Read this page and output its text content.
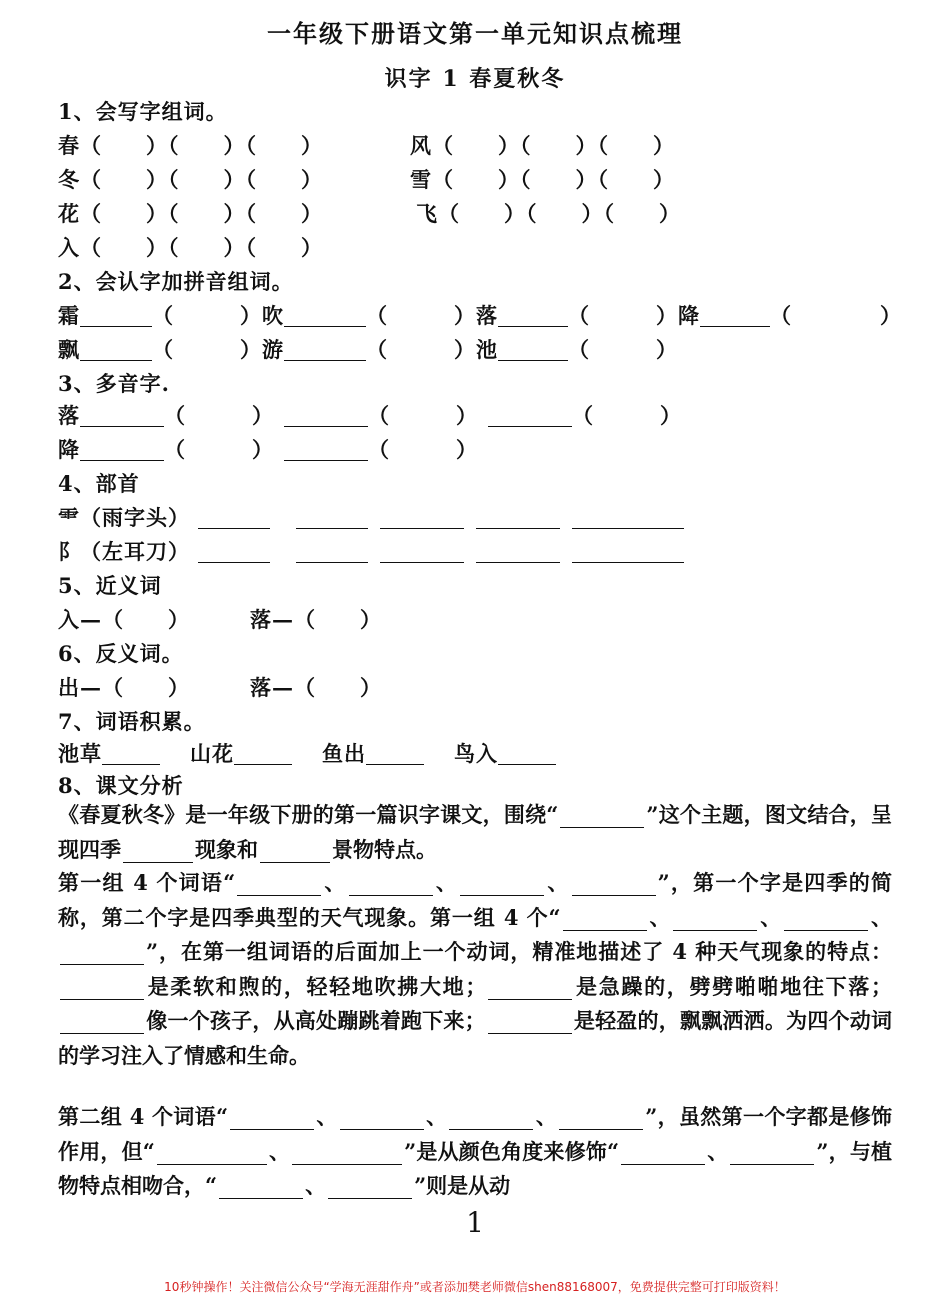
一年级下册语文第一单元知识点梳理
识字 1 春夏秋冬
1、会写字组词。
春（　　）（　　）（　　）	风（　　）（　　）（　　）
冬（　　）（　　）（　　）	雪（　　）（　　）（　　）
花（　　）（　　）（　　）	飞（　　）（　　）（　　）
入（　　）（　　）（　　）
2、会认字加拼音组词。
霜	（　　　）吹	（　　　）落	（　　　）降	（　　　　）
飘	（　　　）游	（　　　）池	（　　　）
3、多音字.
落	（　　　）	（　　　）	（　　　）
降	（　　　）	（　　　）
4、部首
⻗（雨字头）
阝（左耳刀）
5、近义词
入—（　　）	落—（　　）
6、反义词。
出—（　　）	落—（　　）
7、词语积累。
池草	山花	鱼出	鸟入
8、课文分析
《春夏秋冬》是一年级下册的第一篇识字课文，围绕“	”这个主题，图文结合，呈现四季	现象和	景物特点。
第一组 4 个词语“	、	、	、	”，第一个字是四季的简称，第二个字是四季典型的天气现象。第一组 4 个“	、	、	、”，在第一组词语的后面加上一个动词，精准地描述了 4 种天气现象的特点：是柔软和煦的，轻轻地吹拂大地；	是急躁的，劈劈啪啪地往下落；像一个孩子，从高处蹦跳着跑下来；	是轻盈的，飘飘洒洒。为四个动词的学习注入了情感和生命。
第二组 4 个词语“	、	、	、	”，虽然第一个字都是修饰作用，但“	、	”是从颜色角度来修饰“	、	”，与植物特点相吻合，“	、	”则是从动
1
10秒钟操作！关注微信公众号“学海无涯甜作舟”或者添加樊老师微信shen88168007，免费提供完整可打印版资料！
